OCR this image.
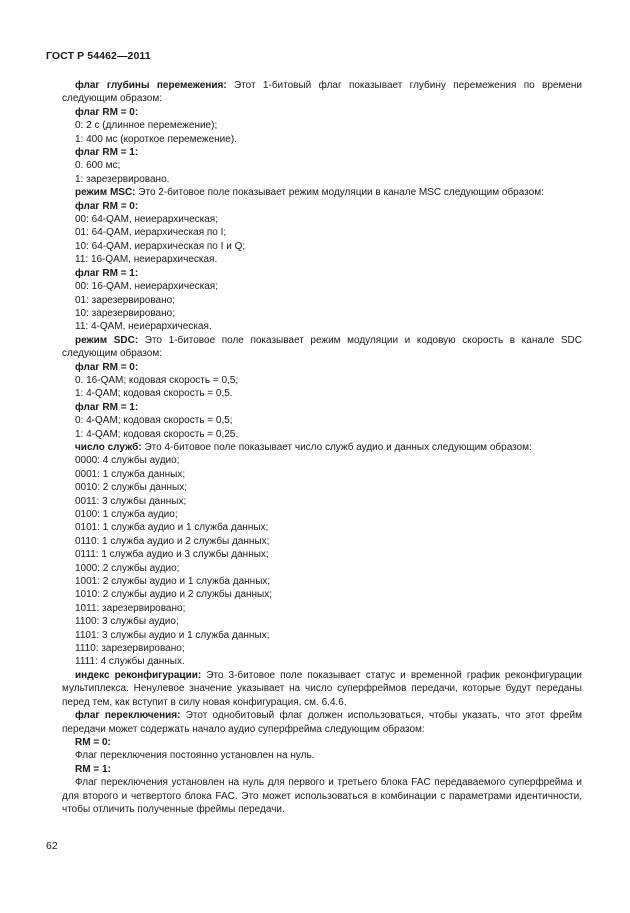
ГОСТ Р 54462—2011

флаг глубины перемежения: Этот 1-битовый флаг показывает глубину перемежения по времени следующим образом:

флаг RM = 0:

0: 2 с (длинное перемежение);

1: 400 мс (короткое перемежение).

флаг RM = 1:

0. 600 мс;

1: зарезервировано.

режим MSC: Это 2-битовое поле показывает режим модуляции в канале MSC следующим образом:

флаг RM = 0:

00: 64-QAM, неиерархическая;

01: 64-QAM, иерархическая по I;

10: 64-QAM, иерархическая по I и Q;

11: 16-QAM, неиерархическая.

флаг RM = 1:

00: 16-QAM, неиерархическая;

01: зарезервировано;

10: зарезервировано;

11: 4-QAM, неиерархическая.

режим SDC: Это 1-битовое поле показывает режим модуляции и кодовую скорость в канале SDC следующим образом:

флаг RM = 0:

0. 16-QAM; кодовая скорость = 0,5;

1: 4-QAM; кодовая скорость = 0,5.

флаг RM = 1:

0: 4-QAM; кодовая скорость = 0,5;

1: 4-QAM; кодовая скорость = 0,25.

число служб: Это 4-битовое поле показывает число служб аудио и данных следующим образом:

0000: 4 службы аудио;

0001: 1 служба данных;

0010: 2 службы данных;

0011: 3 службы данных;

0100: 1 служба аудио;

0101: 1 служба аудио и 1 служба данных;

0110: 1 служба аудио и 2 службы данных;

0111: 1 служба аудио и 3 службы данных;

1000: 2 службы аудио;

1001: 2 службы аудио и 1 служба данных;

1010: 2 службы аудио и 2 службы данных;

1011: зарезервировано;

1100: 3 службы аудио;

1101: 3 службы аудио и 1 служба данных;

1110: зарезервировано;

1111: 4 службы данных.

индекс реконфигурации: Это 3-битовое поле показывает статус и временной график реконфигурации мультиплекса. Ненулевое значение указывает на число суперфреймов передачи, которые будут переданы перед тем, как вступит в силу новая конфигурация, см. 6.4.6.

флаг переключения: Этот однобитовый флаг должен использоваться, чтобы указать, что этот фрейм передачи может содержать начало аудио суперфрейма следующим образом:

RM = 0:

Флаг переключения постоянно установлен на нуль.

RM = 1:

Флаг переключения установлен на нуль для первого и третьего блока FAC передаваемого суперфрейма и для второго и четвертого блока FAC. Это может использоваться в комбинации с параметрами идентичности, чтобы отличить полученные фреймы передачи.

62
